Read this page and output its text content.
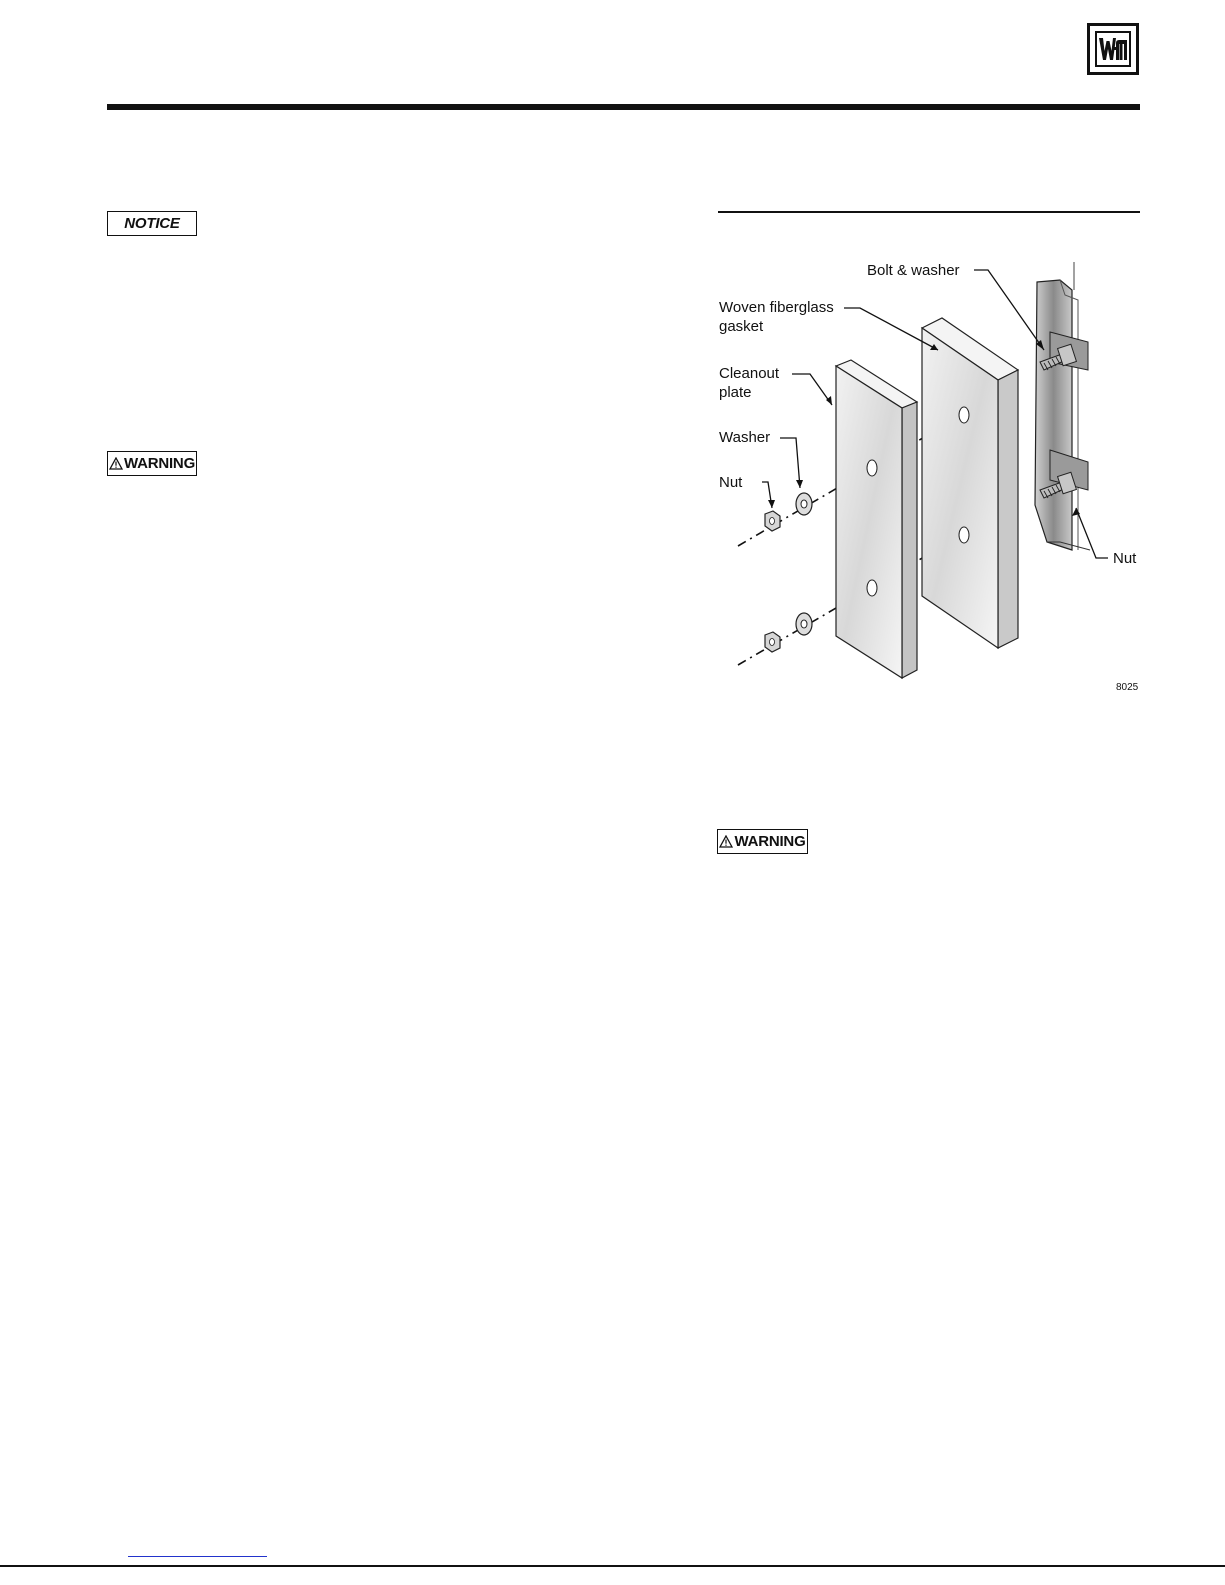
NOTICE
WARNING
Bolt & washer
Woven fiberglass
gasket
Cleanout
plate
Washer
Nut
Nut
8025
WARNING
